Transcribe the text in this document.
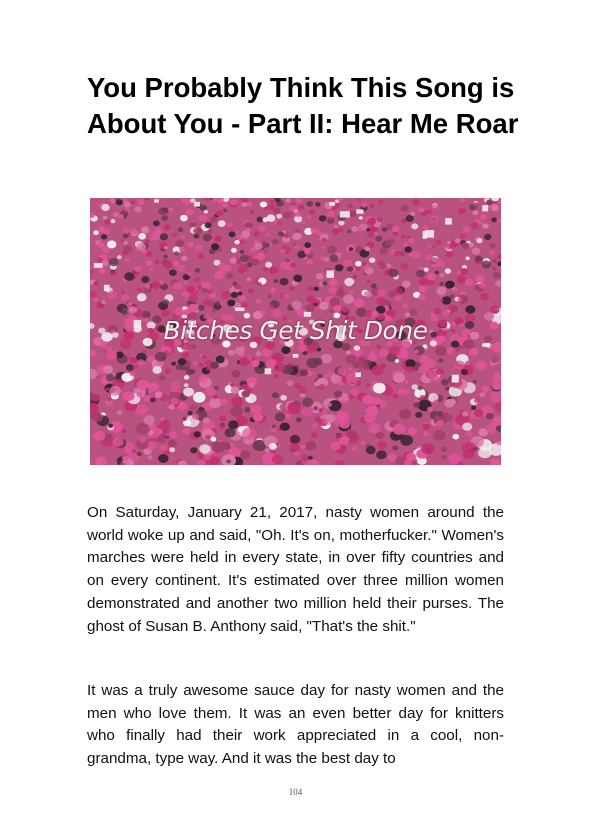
You Probably Think This Song is About You - Part II: Hear Me Roar
Bitches Get Shit Done

On Saturday, January 21, 2017, nasty women around the world woke up and said, "Oh. It's on, motherfucker." Women's marches were held in every state, in over fifty countries and on every continent. It's estimated over three million women demonstrated and another two million held their purses. The ghost of Susan B. Anthony said, "That's the shit."

It was a truly awesome sauce day for nasty women and the men who love them. It was an even better day for knitters who finally had their work appreciated in a cool, non-grandma, type way. And it was the best day to

104
